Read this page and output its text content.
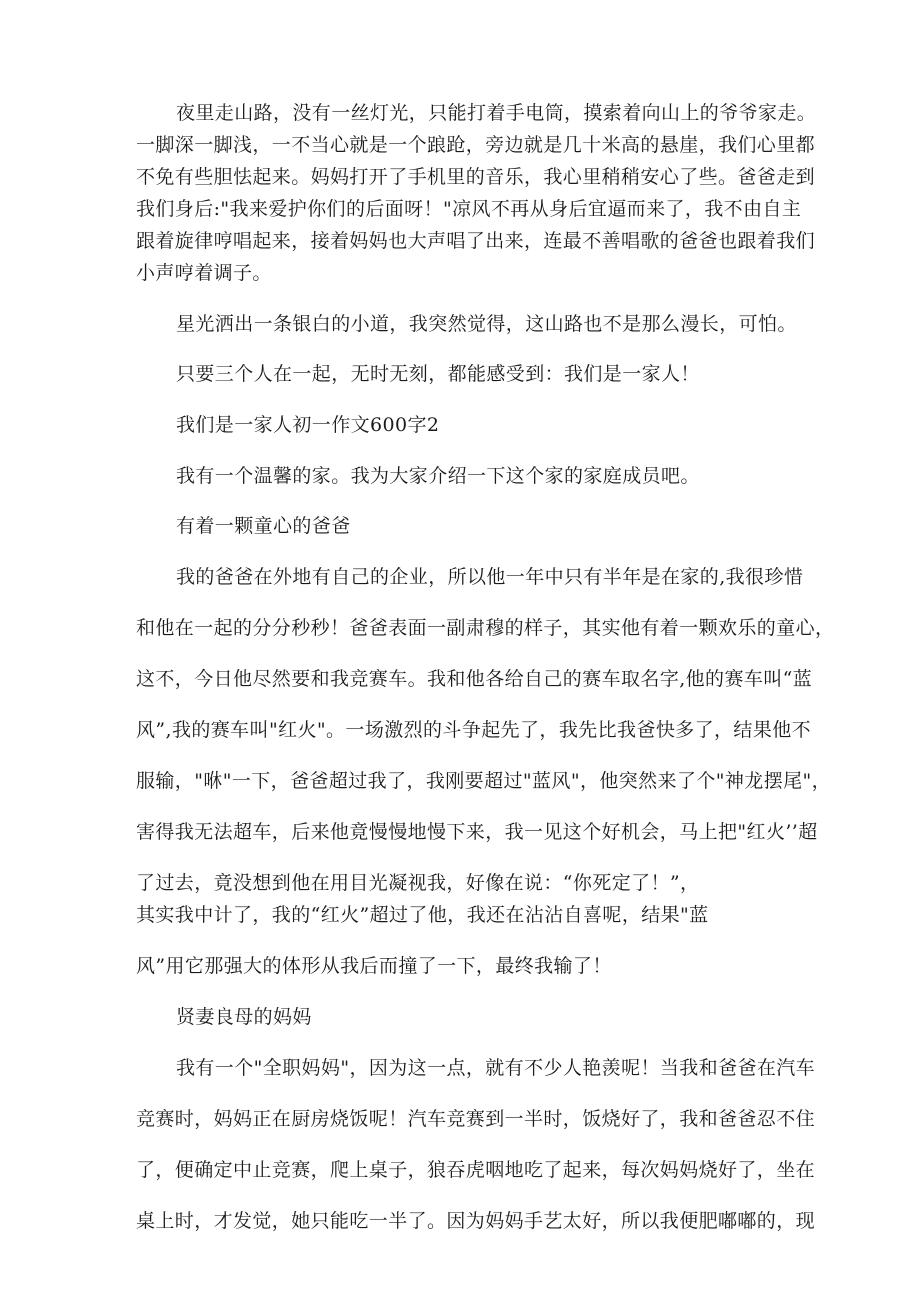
夜里走山路，没有一丝灯光，只能打着手电筒，摸索着向山上的爷爷家走。
一脚深一脚浅，一不当心就是一个踉跄，旁边就是几十米高的悬崖，我们心里都
不免有些胆怯起来。妈妈打开了手机里的音乐，我心里稍稍安心了些。爸爸走到
我们身后:"我来爱护你们的后面呀！"凉风不再从身后宜逼而来了，我不由自主
跟着旋律哼唱起来，接着妈妈也大声唱了出来，连最不善唱歌的爸爸也跟着我们
小声哼着调子。
星光洒出一条银白的小道，我突然觉得，这山路也不是那么漫长，可怕。
只要三个人在一起，无时无刻，都能感受到：我们是一家人！
我们是一家人初一作文600字2
我有一个温馨的家。我为大家介绍一下这个家的家庭成员吧。
有着一颗童心的爸爸
我的爸爸在外地有自己的企业，所以他一年中只有半年是在家的,我很珍惜
和他在一起的分分秒秒！爸爸表面一副肃穆的样子，其实他有着一颗欢乐的童心，
这不，今日他尽然要和我竞赛车。我和他各给自己的赛车取名字,他的赛车叫“蓝
风”,我的赛车叫"红火"。一场激烈的斗争起先了，我先比我爸快多了，结果他不
服输，"咻"一下，爸爸超过我了，我刚要超过"蓝风"，他突然来了个"神龙摆尾"，
害得我无法超车，后来他竟慢慢地慢下来，我一见这个好机会，马上把"红火’’超
了过去，竟没想到他在用目光凝视我，好像在说：“你死定了！”，
其实我中计了，我的“红火”超过了他，我还在沾沾自喜呢，结果"蓝
风”用它那强大的体形从我后而撞了一下，最终我输了！
贤妻良母的妈妈
我有一个"全职妈妈"，因为这一点，就有不少人艳羡呢！当我和爸爸在汽车
竞赛时，妈妈正在厨房烧饭呢！汽车竞赛到一半时，饭烧好了，我和爸爸忍不住
了，便确定中止竞赛，爬上桌子，狼吞虎咽地吃了起来，每次妈妈烧好了，坐在
桌上时，才发觉，她只能吃一半了。因为妈妈手艺太好，所以我便肥嘟嘟的，现
